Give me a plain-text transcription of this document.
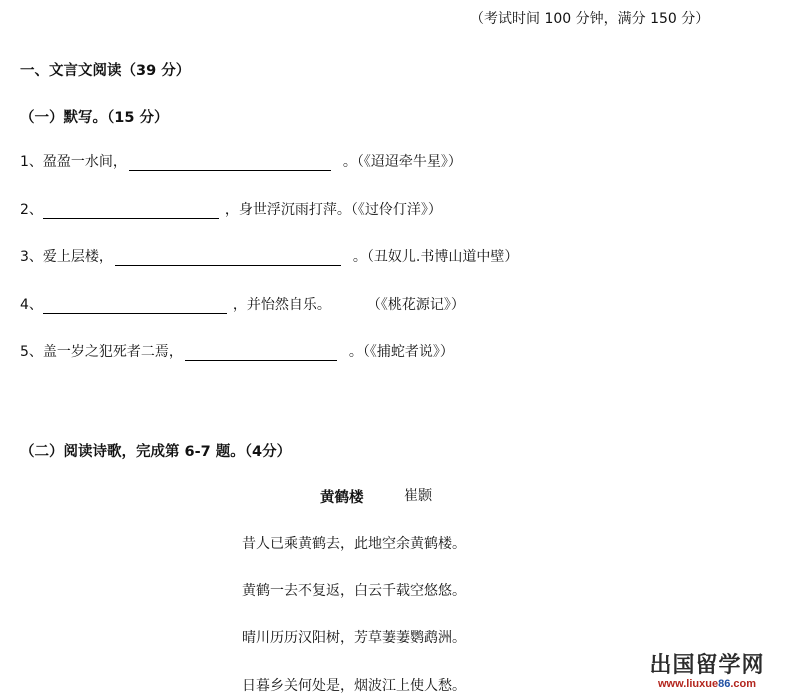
（考试时间 100 分钟，满分 150 分）
一、文言文阅读（39 分）
（一）默写。（15 分）
1、盈盈一水间，	。（《迢迢牵牛星》）
2、	，身世浮沉雨打萍。（《过伶仃洋》）
3、爱上层楼，	。（丑奴儿.书博山道中壁）
4、	，并怡然自乐。	（《桃花源记》）
5、盖一岁之犯死者二焉，	。（《捕蛇者说》）
（二）阅读诗歌，完成第 6-7 题。（4分）
黄鹤楼	崔颢
昔人已乘黄鹤去，此地空余黄鹤楼。
黄鹤一去不复返，白云千载空悠悠。
晴川历历汉阳树，芳草萋萋鹦鹉洲。
日暮乡关何处是，烟波江上使人愁。
出国留学网
www.liuxue86.com
